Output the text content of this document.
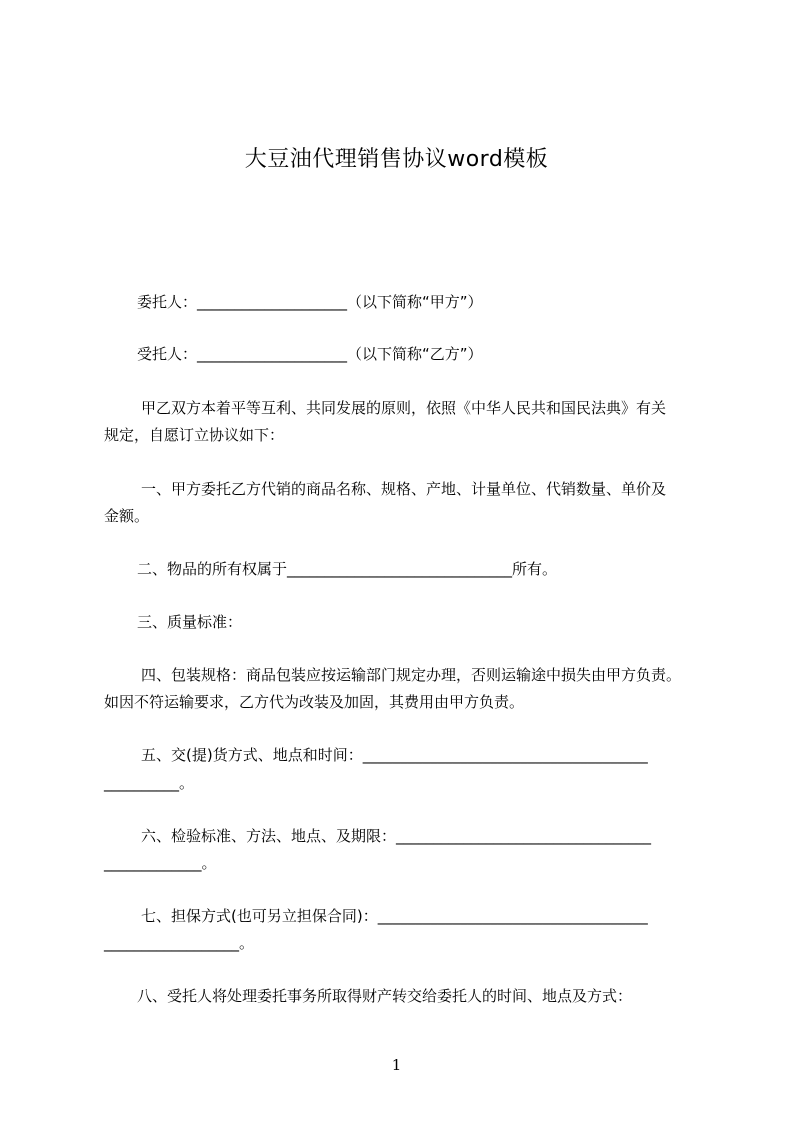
大豆油代理销售协议word模板
委托人：____________________（以下简称“甲方”）
受托人：____________________（以下简称“乙方”）
甲乙双方本着平等互利、共同发展的原则，依照《中华人民共和国民法典》有关
规定，自愿订立协议如下：
一、甲方委托乙方代销的商品名称、规格、产地、计量单位、代销数量、单价及
金额。
二、物品的所有权属于______________________________所有。
三、质量标准：
四、包装规格：商品包装应按运输部门规定办理，否则运输途中损失由甲方负责。
如因不符运输要求，乙方代为改装及加固，其费用由甲方负责。
五、交(提)货方式、地点和时间：______________________________________
__________。
六、检验标准、方法、地点、及期限：__________________________________
_____________。
七、担保方式(也可另立担保合同)：____________________________________
__________________。
八、受托人将处理委托事务所取得财产转交给委托人的时间、地点及方式：
1
